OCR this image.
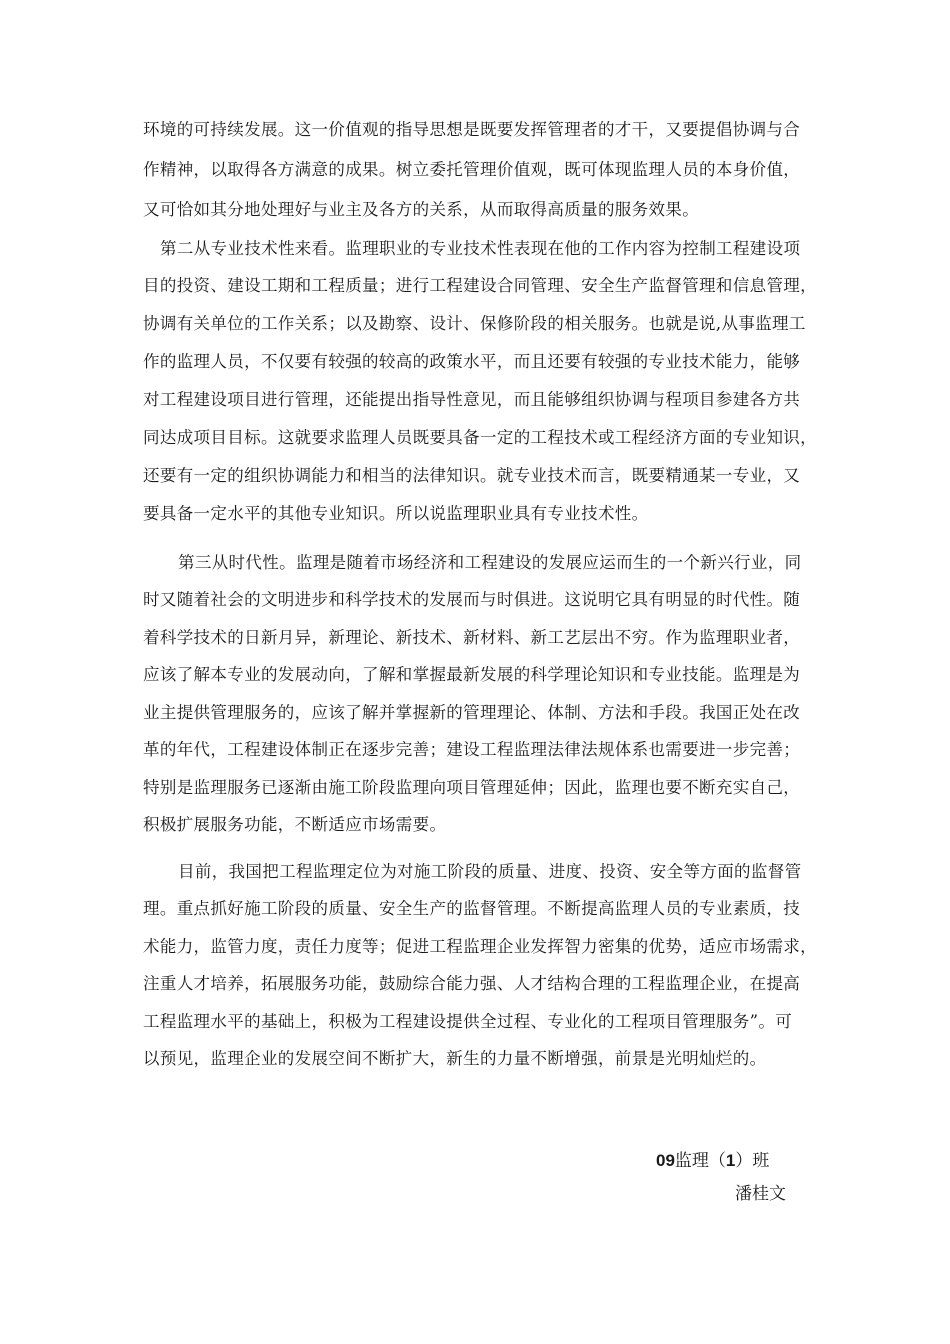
环境的可持续发展。这一价值观的指导思想是既要发挥管理者的才干，又要提倡协调与合
作精神，以取得各方满意的成果。树立委托管理价值观，既可体现监理人员的本身价值，
又可恰如其分地处理好与业主及各方的关系，从而取得高质量的服务效果。
第二从专业技术性来看。监理职业的专业技术性表现在他的工作内容为控制工程建设项
目的投资、建设工期和工程质量；进行工程建设合同管理、安全生产监督管理和信息管理，
协调有关单位的工作关系；以及勘察、设计、保修阶段的相关服务。也就是说,从事监理工
作的监理人员，不仅要有较强的较高的政策水平，而且还要有较强的专业技术能力，能够
对工程建设项目进行管理，还能提出指导性意见，而且能够组织协调与程项目参建各方共
同达成项目目标。这就要求监理人员既要具备一定的工程技术或工程经济方面的专业知识，
还要有一定的组织协调能力和相当的法律知识。就专业技术而言，既要精通某一专业，又
要具备一定水平的其他专业知识。所以说监理职业具有专业技术性。
第三从时代性。监理是随着市场经济和工程建设的发展应运而生的一个新兴行业，同
时又随着社会的文明进步和科学技术的发展而与时俱进。这说明它具有明显的时代性。随
着科学技术的日新月异，新理论、新技术、新材料、新工艺层出不穷。作为监理职业者，
应该了解本专业的发展动向，了解和掌握最新发展的科学理论知识和专业技能。监理是为
业主提供管理服务的，应该了解并掌握新的管理理论、体制、方法和手段。我国正处在改
革的年代，工程建设体制正在逐步完善；建设工程监理法律法规体系也需要进一步完善；
特别是监理服务已逐渐由施工阶段监理向项目管理延伸；因此，监理也要不断充实自己，
积极扩展服务功能，不断适应市场需要。
目前，我国把工程监理定位为对施工阶段的质量、进度、投资、安全等方面的监督管
理。重点抓好施工阶段的质量、安全生产的监督管理。不断提高监理人员的专业素质，技
术能力，监管力度，责任力度等；促进工程监理企业发挥智力密集的优势，适应市场需求，
注重人才培养，拓展服务功能，鼓励综合能力强、人才结构合理的工程监理企业，在提高
工程监理水平的基础上，积极为工程建设提供全过程、专业化的工程项目管理服务”。可
以预见，监理企业的发展空间不断扩大，新生的力量不断增强，前景是光明灿烂的。
09监理（1）班
潘桂文
